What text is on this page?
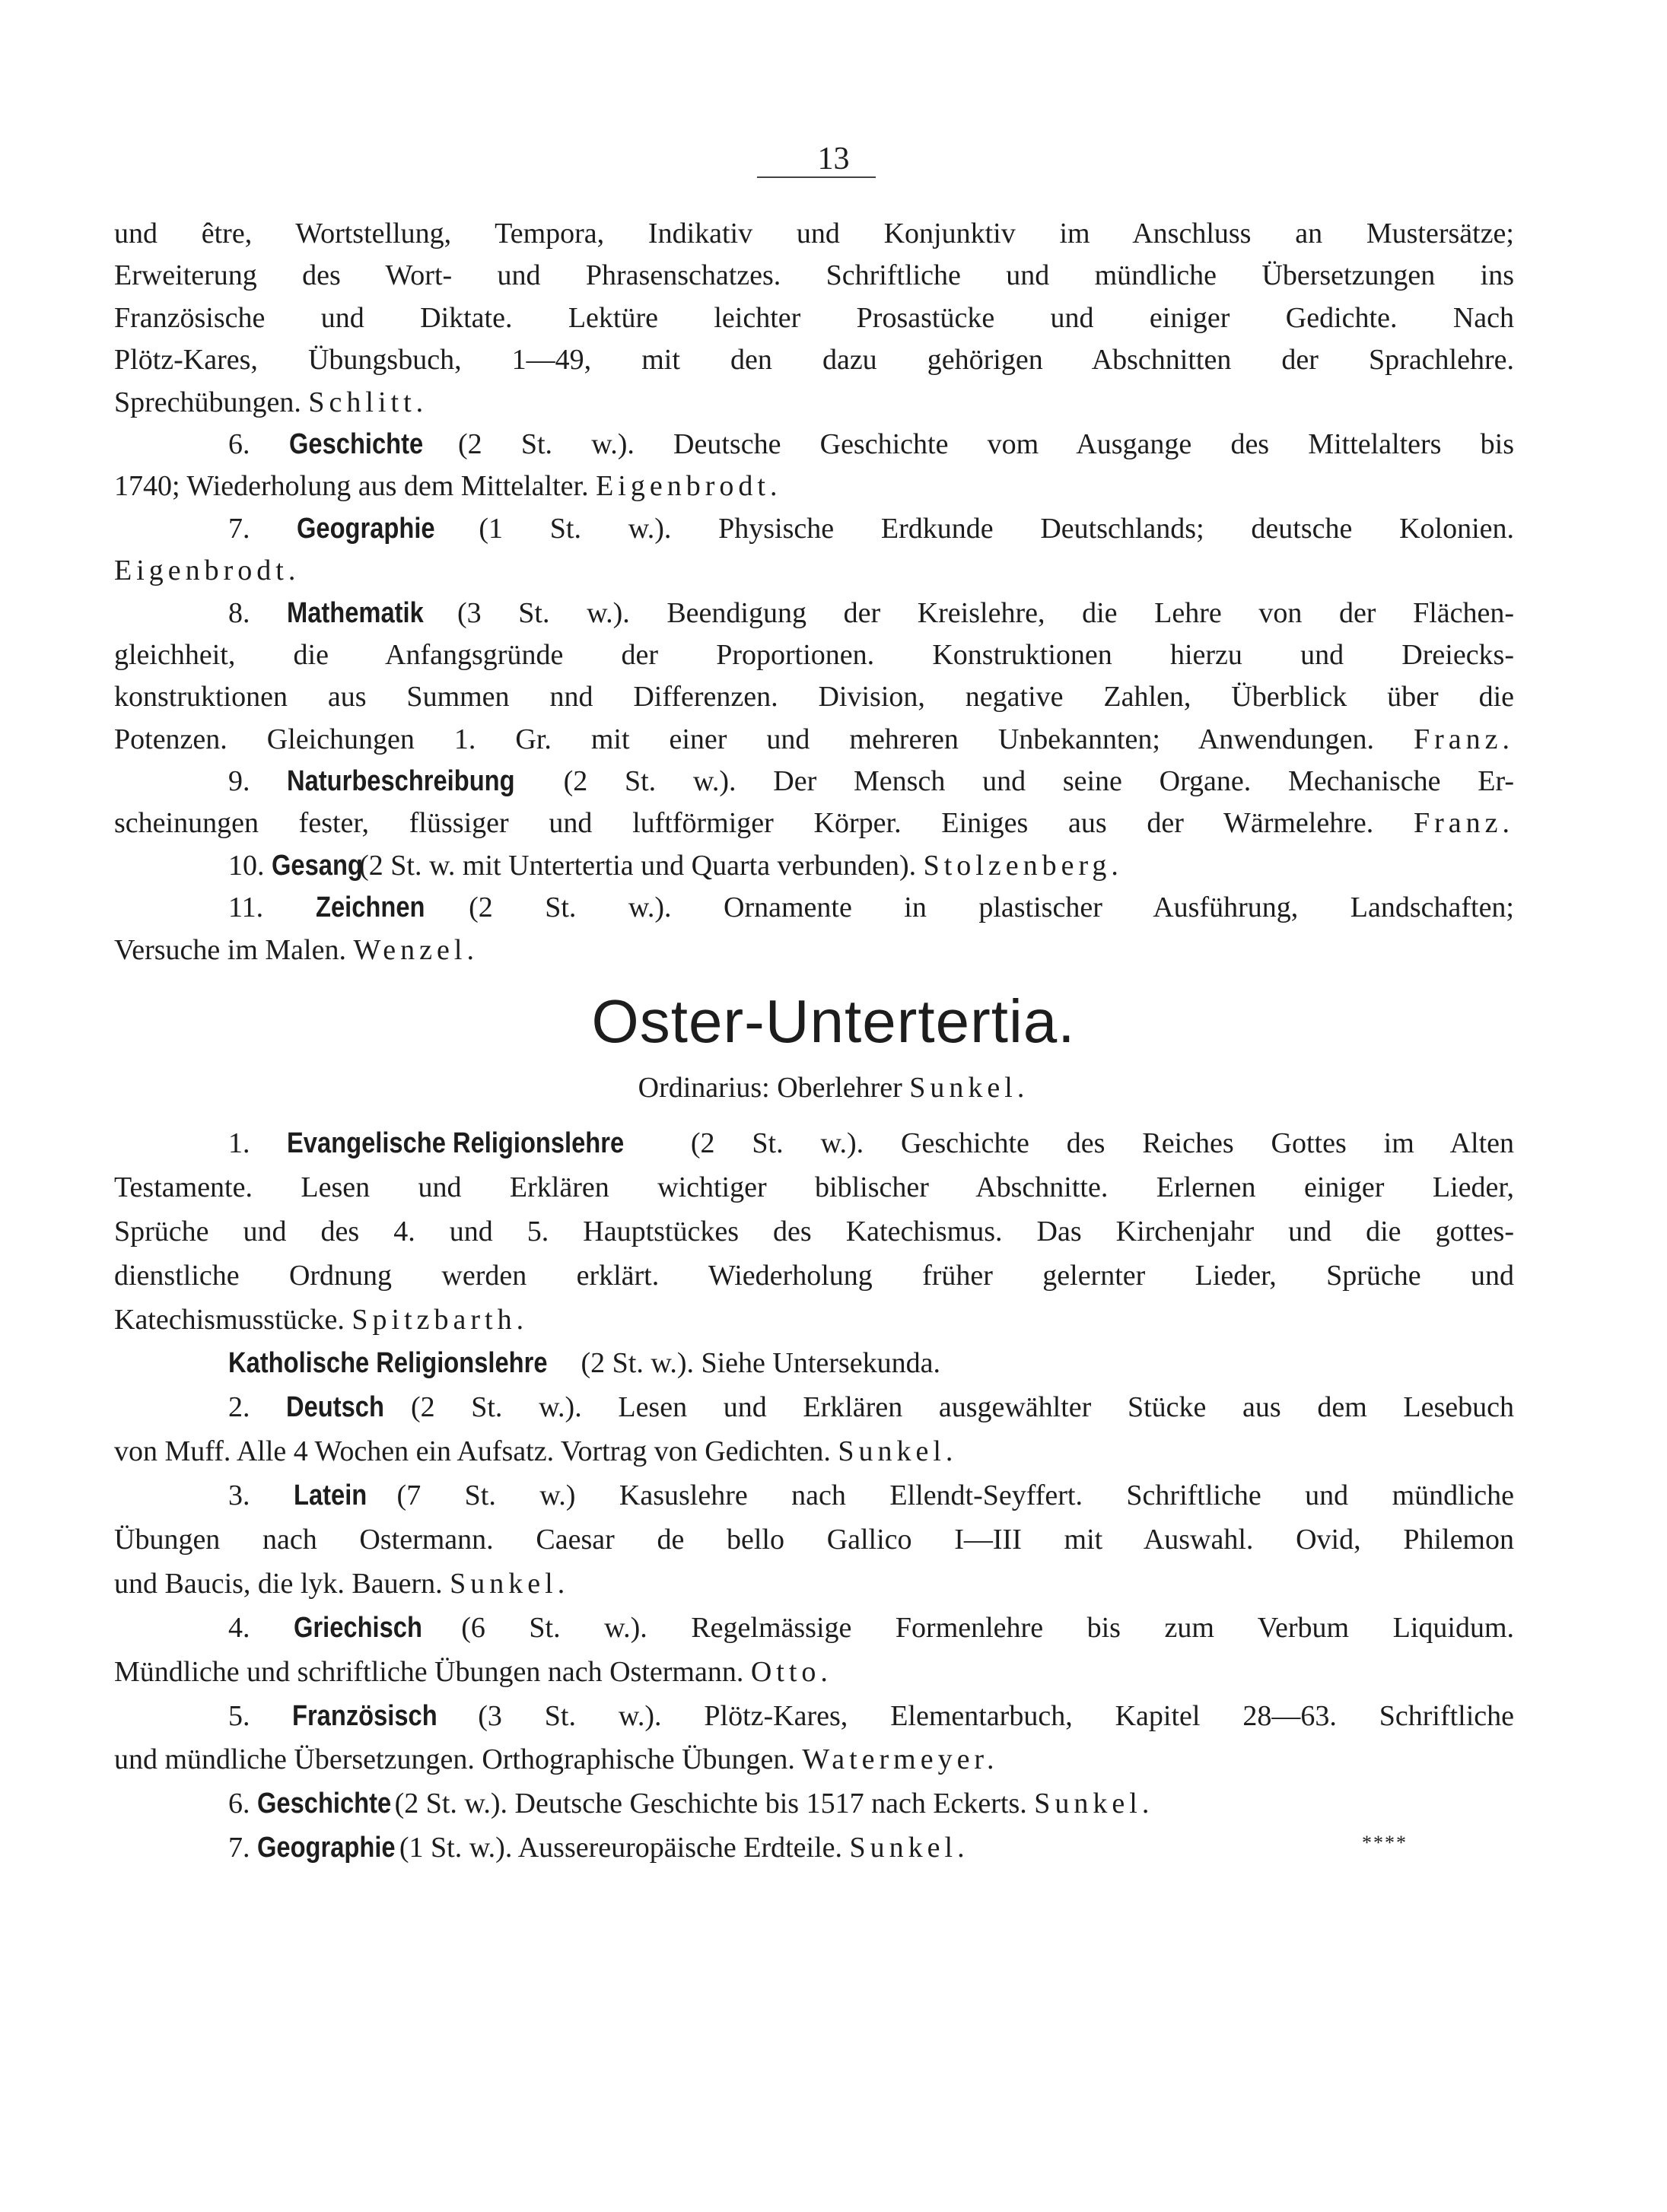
13
und être, Wortstellung, Tempora, Indikativ und Konjunktiv im Anschluss an Mustersätze;
Erweiterung des Wort- und Phrasenschatzes. Schriftliche und mündliche Übersetzungen ins
Französische und Diktate. Lektüre leichter Prosastücke und einiger Gedichte. Nach
Plötz-Kares, Übungsbuch, 1—49, mit den dazu gehörigen Abschnitten der Sprachlehre.
Sprechübungen. Schlitt.
6. Geschichte (2 St. w.). Deutsche Geschichte vom Ausgange des Mittelalters bis
1740; Wiederholung aus dem Mittelalter. Eigenbrodt.
7. Geographie (1 St. w.). Physische Erdkunde Deutschlands; deutsche Kolonien.
Eigenbrodt.
8. Mathematik (3 St. w.). Beendigung der Kreislehre, die Lehre von der Flächen-
gleichheit, die Anfangsgründe der Proportionen. Konstruktionen hierzu und Dreiecks-
konstruktionen aus Summen nnd Differenzen. Division, negative Zahlen, Überblick über die
Potenzen. Gleichungen 1. Gr. mit einer und mehreren Unbekannten; Anwendungen. Franz.
9. Naturbeschreibung (2 St. w.). Der Mensch und seine Organe. Mechanische Er-
scheinungen fester, flüssiger und luftförmiger Körper. Einiges aus der Wärmelehre. Franz.
10. Gesang (2 St. w. mit Untertertia und Quarta verbunden). Stolzenberg.
11. Zeichnen (2 St. w.). Ornamente in plastischer Ausführung, Landschaften;
Versuche im Malen. Wenzel.
Oster-Untertertia.
Ordinarius: Oberlehrer Sunkel.
1. Evangelische Religionslehre (2 St. w.). Geschichte des Reiches Gottes im Alten
Testamente. Lesen und Erklären wichtiger biblischer Abschnitte. Erlernen einiger Lieder,
Sprüche und des 4. und 5. Hauptstückes des Katechismus. Das Kirchenjahr und die gottes-
dienstliche Ordnung werden erklärt. Wiederholung früher gelernter Lieder, Sprüche und
Katechismusstücke. Spitzbarth.
Katholische Religionslehre (2 St. w.). Siehe Untersekunda.
2. Deutsch (2 St. w.). Lesen und Erklären ausgewählter Stücke aus dem Lesebuch
von Muff. Alle 4 Wochen ein Aufsatz. Vortrag von Gedichten. Sunkel.
3. Latein (7 St. w.) Kasuslehre nach Ellendt-Seyffert. Schriftliche und mündliche
Übungen nach Ostermann. Caesar de bello Gallico I—III mit Auswahl. Ovid, Philemon
und Baucis, die lyk. Bauern. Sunkel.
4. Griechisch (6 St. w.). Regelmässige Formenlehre bis zum Verbum Liquidum.
Mündliche und schriftliche Übungen nach Ostermann. Otto.
5. Französisch (3 St. w.). Plötz-Kares, Elementarbuch, Kapitel 28—63. Schriftliche
und mündliche Übersetzungen. Orthographische Übungen. Watermeyer.
6. Geschichte (2 St. w.). Deutsche Geschichte bis 1517 nach Eckerts. Sunkel.
7. Geographie (1 St. w.). Aussereuropäische Erdteile. Sunkel.	****
